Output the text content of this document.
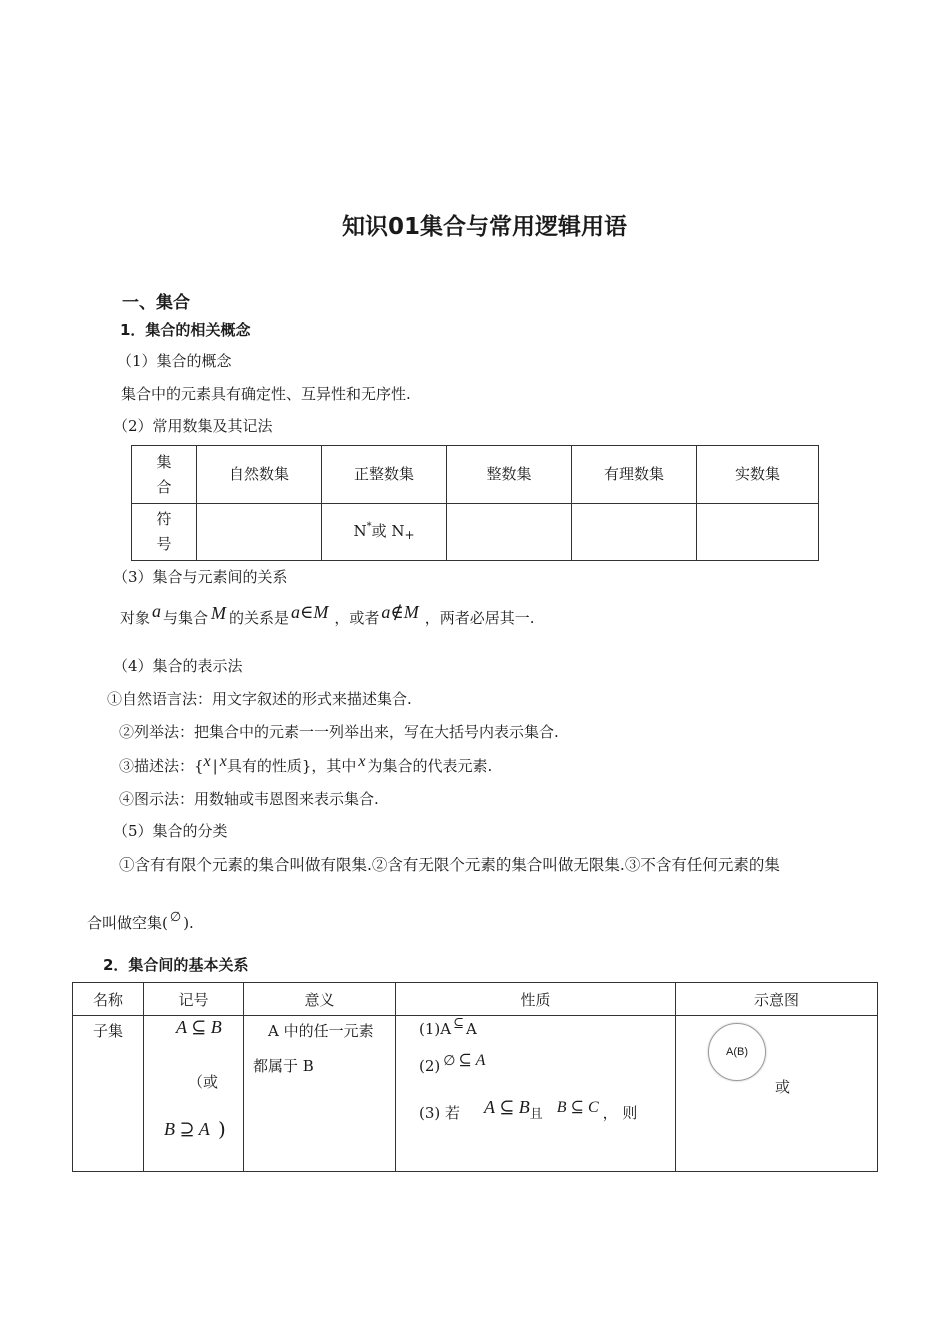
知识01集合与常用逻辑用语
一、集合
1．集合的相关概念
（1）集合的概念
集合中的元素具有确定性、互异性和无序性.
（2）常用数集及其记法
集
合	自然数集	正整数集	整数集	有理数集	实数集

符
号		N*或 $N_+$			
（3）集合与元素间的关系
对象 a 与集合 M 的关系是 a∈M ，或者 a∉M ，两者必居其一.
（4）集合的表示法
①自然语言法：用文字叙述的形式来描述集合.
②列举法：把集合中的元素一一列举出来，写在大括号内表示集合.
③描述法：{x | x具有的性质}，其中 x 为集合的代表元素.
④图示法：用数轴或韦恩图来表示集合.
（5）集合的分类
①含有有限个元素的集合叫做有限集.②含有无限个元素的集合叫做无限集.③不含有任何元素的集
合叫做空集( ∅ ).
2．集合间的基本关系
名称	记号	意义	性质	示意图
子集	A ⊆ B
（或
B ⊇ A )	A 中的任一元素
都属于 B	(1)A ⊆ A
(2) ∅ ⊆ A
(3) 若 A ⊆ B且 B ⊆ C ， 则	A(B)
或
